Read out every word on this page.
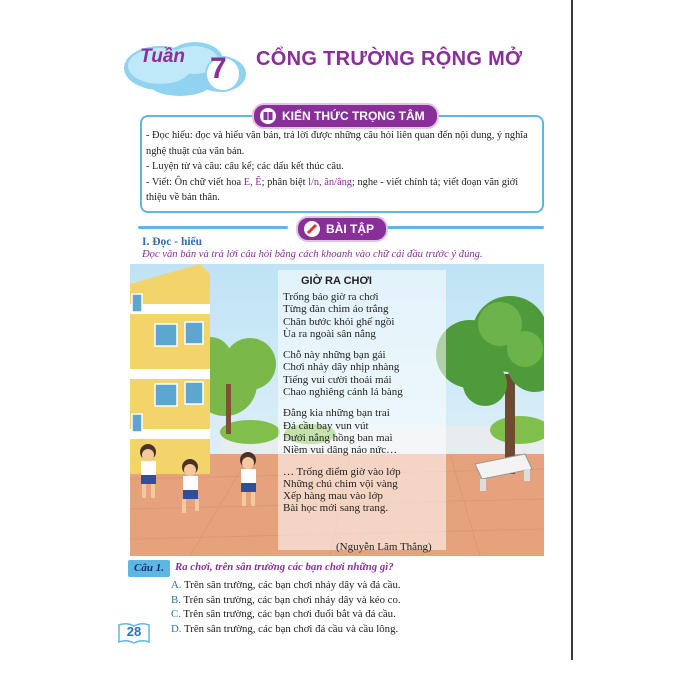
Tuần 7 CỔNG TRƯỜNG RỘNG MỞ
KIẾN THỨC TRỌNG TÂM

- Đọc hiểu: đọc và hiểu văn bản, trả lời được những câu hỏi liên quan đến nội dung, ý nghĩa nghệ thuật của văn bản.

- Luyện từ và câu: câu kể; các dấu kết thúc câu.

- Viết: Ôn chữ viết hoa E, Ê; phân biệt l/n, ăn/ăng; nghe - viết chính tả; viết đoạn văn giới thiệu về bản thân.

BÀI TẬP
I. Đọc - hiểu
Đọc văn bản và trả lời câu hỏi bằng cách khoanh vào chữ cái đầu trước ý đúng.
GIỜ RA CHƠI
Trống báo giờ ra chơi
Từng đàn chim áo trắng
Chân bước khỏi ghế ngồi
Ùa ra ngoài sân nắng
Chỗ này những bạn gái
Chơi nhảy dây nhịp nhàng
Tiếng vui cười thoải mái
Chao nghiêng cánh lá bàng
Đằng kia những bạn trai
Đá cầu bay vun vút
Dưới nắng hồng ban mai
Niềm vui dâng náo nức…
… Trống điểm giờ vào lớp
Những chú chim vội vàng
Xếp hàng mau vào lớp
Bài học mới sang trang.
(Nguyễn Lãm Thắng)
Câu 1.	Ra chơi, trên sân trường các bạn chơi những gì?
A. Trên sân trường, các bạn chơi nhảy dây và đá cầu.
B. Trên sân trường, các bạn chơi nhảy dây và kéo co.
C. Trên sân trường, các bạn chơi đuổi bắt và đá cầu.
D. Trên sân trường, các bạn chơi đá cầu và cầu lông.
28
